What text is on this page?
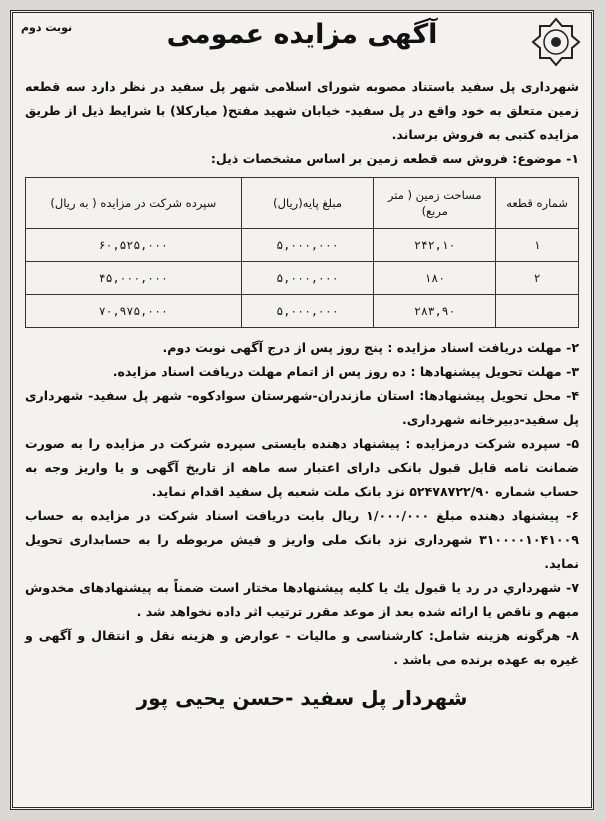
آگهی مزایده عمومی
نوبت دوم

شهرداری پل سفید باستناد مصوبه شورای اسلامی شهر پل سفید در نظر دارد سه قطعه زمین متعلق به خود واقع در پل سفید- خیابان شهید مفتح( میارکلا) با شرایط ذیل از طریق مزایده کتبی به فروش برساند.

۱- موضوع: فروش سه قطعه زمین بر اساس مشخصات ذیل:

شماره قطعه	مساحت زمین ( متر مربع)	مبلغ پایه(ریال)	سپرده شرکت در مزایده ( به ریال)
۱	۲۴۲,۱۰	۵,۰۰۰,۰۰۰	۶۰,۵۲۵,۰۰۰
۲	۱۸۰	۵,۰۰۰,۰۰۰	۴۵,۰۰۰,۰۰۰
	۲۸۳,۹۰	۵,۰۰۰,۰۰۰	۷۰,۹۷۵,۰۰۰

۲- مهلت دریافت اسناد مزایده : پنج روز پس از درج آگهی نوبت دوم.

۳- مهلت تحویل پیشنهادها : ده روز پس از اتمام مهلت دریافت اسناد مزایده.

۴- محل تحویل پیشنهادها: استان مازندران-شهرستان سوادکوه- شهر پل سفید- شهرداری پل سفید-دبیرخانه شهرداری.

۵- سپرده شرکت درمزایده : پیشنهاد دهنده بایستی سپرده شرکت در مزایده را به صورت ضمانت نامه قابل قبول بانکی دارای اعتبار سه ماهه از تاریخ آگهی و یا واریز وجه به حساب شماره ۵۲۴۷۸۷۲۲/۹۰ نزد بانک ملت شعبه پل سفید اقدام نماید.

۶- پیشنهاد دهنده مبلغ ۱/۰۰۰/۰۰۰ ریال بابت دریافت اسناد شرکت در مزایده به حساب ۳۱۰۰۰۰۱۰۴۱۰۰۹ شهرداری نزد بانک ملی واریز و فیش مربوطه را به حسابداری تحویل نماید.

۷- شهرداري در رد یا قبول یك یا کلیه پیشنهادها مختار است ضمناً به پیشنهادهای مخدوش مبهم و ناقص یا ارائه شده بعد از موعد مقرر ترتیب اثر داده نخواهد شد .

۸- هرگونه هزینه شامل: کارشناسی و مالیات - عوارض و هزینه نقل و انتقال و آگهی و غیره به عهده برنده می باشد .

شهردار پل سفید -حسن یحیی پور
